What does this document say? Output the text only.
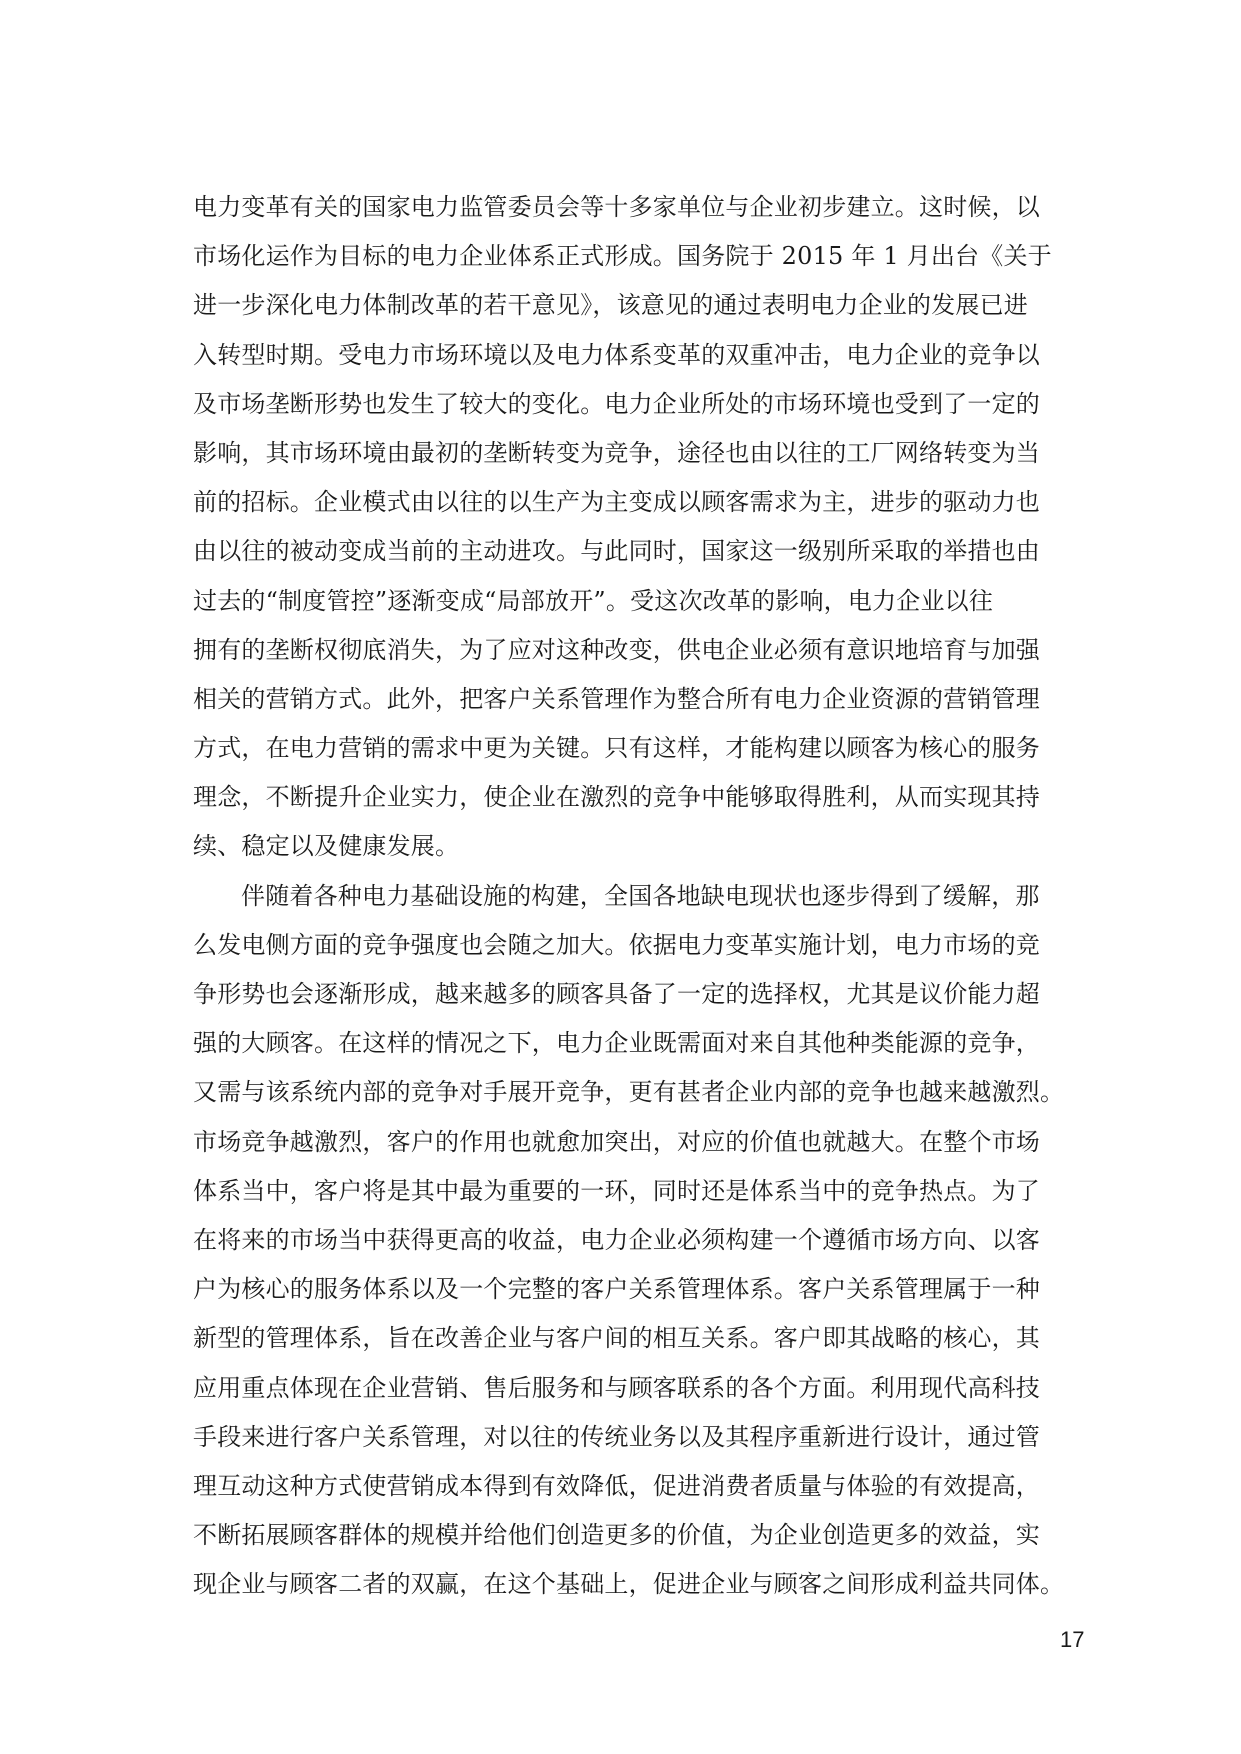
电力变革有关的国家电力监管委员会等十多家单位与企业初步建立。这时候，以
市场化运作为目标的电力企业体系正式形成。国务院于 2015 年 1 月出台《关于
进一步深化电力体制改革的若干意见》，该意见的通过表明电力企业的发展已进
入转型时期。受电力市场环境以及电力体系变革的双重冲击，电力企业的竞争以
及市场垄断形势也发生了较大的变化。电力企业所处的市场环境也受到了一定的
影响，其市场环境由最初的垄断转变为竞争，途径也由以往的工厂网络转变为当
前的招标。企业模式由以往的以生产为主变成以顾客需求为主，进步的驱动力也
由以往的被动变成当前的主动进攻。与此同时，国家这一级别所采取的举措也由
过去的“制度管控”逐渐变成“局部放开”。受这次改革的影响，电力企业以往
拥有的垄断权彻底消失，为了应对这种改变，供电企业必须有意识地培育与加强
相关的营销方式。此外，把客户关系管理作为整合所有电力企业资源的营销管理
方式，在电力营销的需求中更为关键。只有这样，才能构建以顾客为核心的服务
理念，不断提升企业实力，使企业在激烈的竞争中能够取得胜利，从而实现其持
续、稳定以及健康发展。
伴随着各种电力基础设施的构建，全国各地缺电现状也逐步得到了缓解，那
么发电侧方面的竞争强度也会随之加大。依据电力变革实施计划，电力市场的竞
争形势也会逐渐形成，越来越多的顾客具备了一定的选择权，尤其是议价能力超
强的大顾客。在这样的情况之下，电力企业既需面对来自其他种类能源的竞争，
又需与该系统内部的竞争对手展开竞争，更有甚者企业内部的竞争也越来越激烈。
市场竞争越激烈，客户的作用也就愈加突出，对应的价值也就越大。在整个市场
体系当中，客户将是其中最为重要的一环，同时还是体系当中的竞争热点。为了
在将来的市场当中获得更高的收益，电力企业必须构建一个遵循市场方向、以客
户为核心的服务体系以及一个完整的客户关系管理体系。客户关系管理属于一种
新型的管理体系，旨在改善企业与客户间的相互关系。客户即其战略的核心，其
应用重点体现在企业营销、售后服务和与顾客联系的各个方面。利用现代高科技
手段来进行客户关系管理，对以往的传统业务以及其程序重新进行设计，通过管
理互动这种方式使营销成本得到有效降低，促进消费者质量与体验的有效提高，
不断拓展顾客群体的规模并给他们创造更多的价值，为企业创造更多的效益，实
现企业与顾客二者的双赢，在这个基础上，促进企业与顾客之间形成利益共同体。
17
